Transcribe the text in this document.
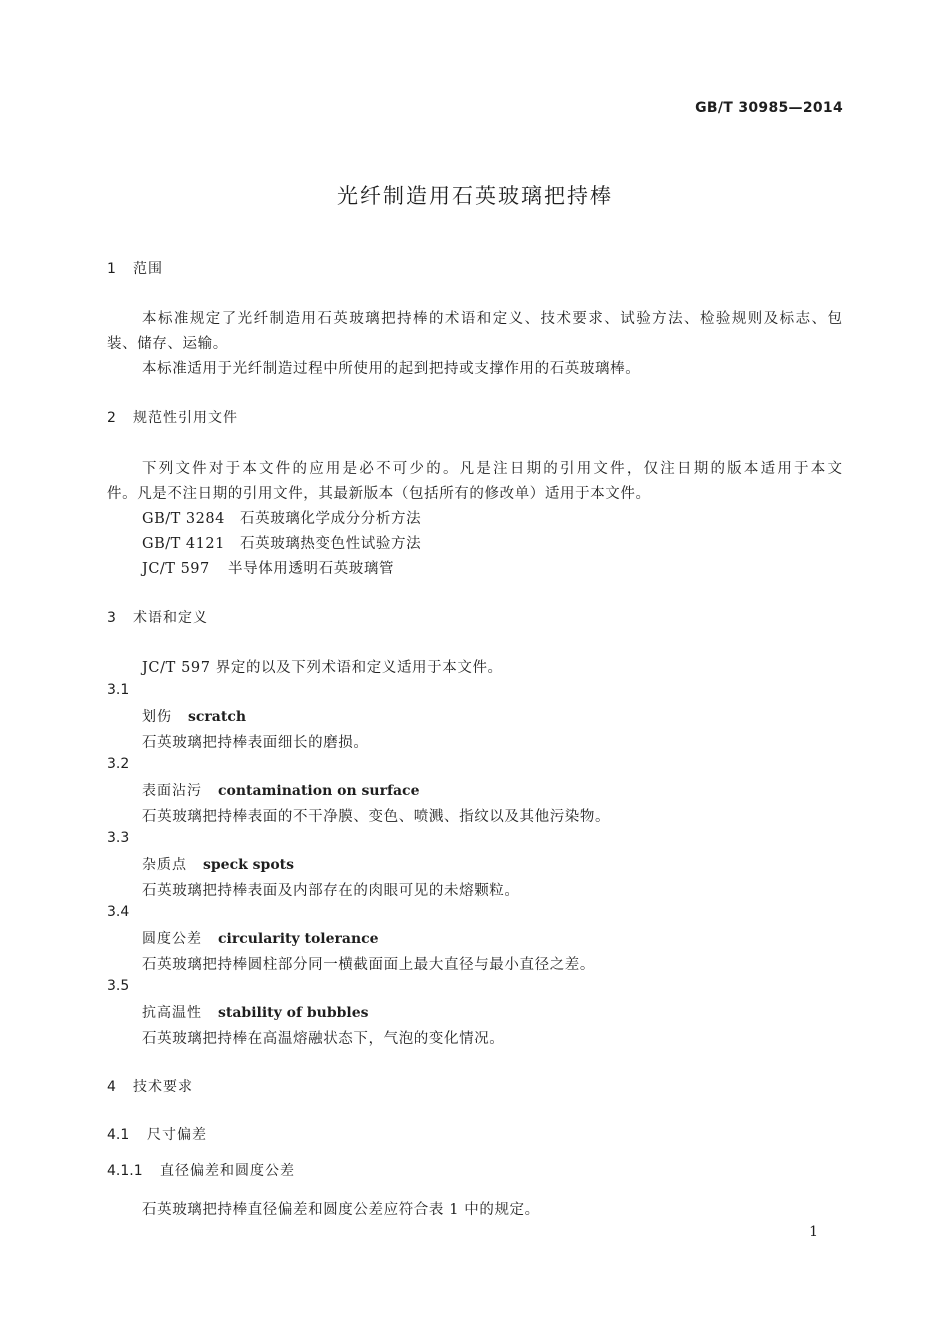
GB/T 30985—2014
光纤制造用石英玻璃把持棒
1 范围
本标准规定了光纤制造用石英玻璃把持棒的术语和定义、技术要求、试验方法、检验规则及标志、包
装、储存、运输。
本标准适用于光纤制造过程中所使用的起到把持或支撑作用的石英玻璃棒。
2 规范性引用文件
下列文件对于本文件的应用是必不可少的。凡是注日期的引用文件，仅注日期的版本适用于本文
件。凡是不注日期的引用文件，其最新版本（包括所有的修改单）适用于本文件。
GB/T 3284 石英玻璃化学成分分析方法
GB/T 4121 石英玻璃热变色性试验方法
JC/T 597 半导体用透明石英玻璃管
3 术语和定义
JC/T 597 界定的以及下列术语和定义适用于本文件。
3.1
划伤 scratch
石英玻璃把持棒表面细长的磨损。
3.2
表面沾污 contamination on surface
石英玻璃把持棒表面的不干净膜、变色、喷溅、指纹以及其他污染物。
3.3
杂质点 speck spots
石英玻璃把持棒表面及内部存在的肉眼可见的未熔颗粒。
3.4
圆度公差 circularity tolerance
石英玻璃把持棒圆柱部分同一横截面面上最大直径与最小直径之差。
3.5
抗高温性 stability of bubbles
石英玻璃把持棒在高温熔融状态下，气泡的变化情况。
4 技术要求
4.1 尺寸偏差
4.1.1 直径偏差和圆度公差
石英玻璃把持棒直径偏差和圆度公差应符合表 1 中的规定。
1
